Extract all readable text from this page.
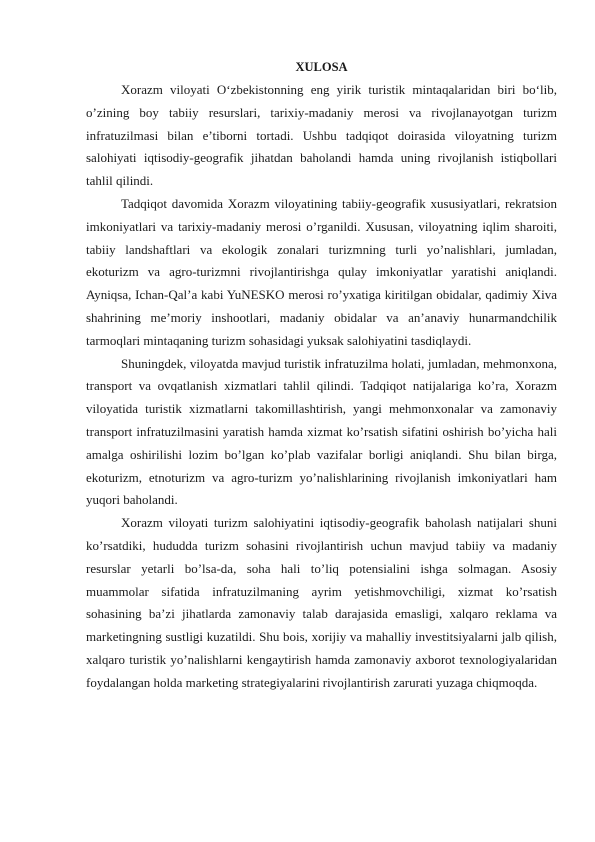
XULOSA

Xorazm viloyati O‘zbekistonning eng yirik turistik mintaqalaridan biri bo‘lib, o’zining boy tabiiy resurslari, tarixiy-madaniy merosi va rivojlanayotgan turizm infratuzilmasi bilan e’tiborni tortadi. Ushbu tadqiqot doirasida viloyatning turizm salohiyati iqtisodiy-geografik jihatdan baholandi hamda uning rivojlanish istiqbollari tahlil qilindi.

Tadqiqot davomida Xorazm viloyatining tabiiy-geografik xususiyatlari, rekratsion imkoniyatlari va tarixiy-madaniy merosi o’rganildi. Xususan, viloyatning iqlim sharoiti, tabiiy landshaftlari va ekologik zonalari turizmning turli yo’nalishlari, jumladan, ekoturizm va agro-turizmni rivojlantirishga qulay imkoniyatlar yaratishi aniqlandi. Ayniqsa, Ichan-Qal’a kabi YuNESKO merosi ro’yxatiga kiritilgan obidalar, qadimiy Xiva shahrining me’moriy inshootlari, madaniy obidalar va an’anaviy hunarmandchilik tarmoqlari mintaqaning turizm sohasidagi yuksak salohiyatini tasdiqlaydi.

Shuningdek, viloyatda mavjud turistik infratuzilma holati, jumladan, mehmonxona, transport va ovqatlanish xizmatlari tahlil qilindi. Tadqiqot natijalariga ko’ra, Xorazm viloyatida turistik xizmatlarni takomillashtirish, yangi mehmonxonalar va zamonaviy transport infratuzilmasini yaratish hamda xizmat ko’rsatish sifatini oshirish bo’yicha hali amalga oshirilishi lozim bo’lgan ko’plab vazifalar borligi aniqlandi. Shu bilan birga, ekoturizm, etnoturizm va agro-turizm yo’nalishlarining rivojlanish imkoniyatlari ham yuqori baholandi.

Xorazm viloyati turizm salohiyatini iqtisodiy-geografik baholash natijalari shuni ko’rsatdiki, hududda turizm sohasini rivojlantirish uchun mavjud tabiiy va madaniy resurslar yetarli bo’lsa-da, soha hali to’liq potensialini ishga solmagan. Asosiy muammolar sifatida infratuzilmaning ayrim yetishmovchiligi, xizmat ko’rsatish sohasining ba’zi jihatlarda zamonaviy talab darajasida emasligi, xalqaro reklama va marketingning sustligi kuzatildi. Shu bois, xorijiy va mahalliy investitsiyalarni jalb qilish, xalqaro turistik yo’nalishlarni kengaytirish hamda zamonaviy axborot texnologiyalaridan foydalangan holda marketing strategiyalarini rivojlantirish zarurati yuzaga chiqmoqda.
